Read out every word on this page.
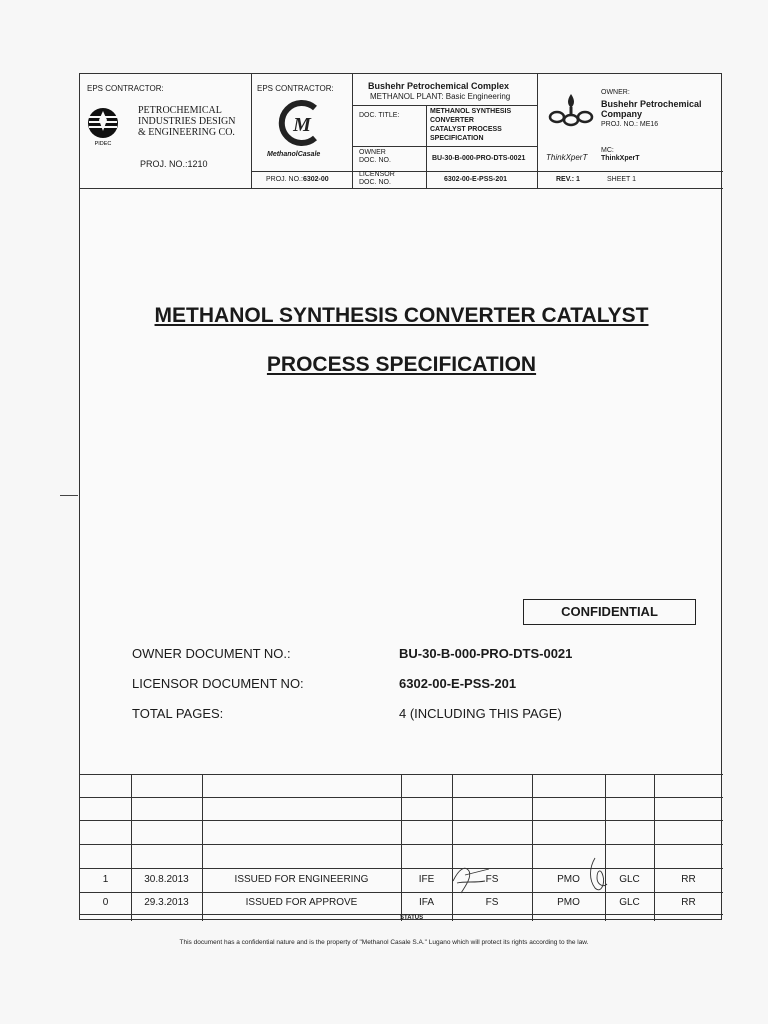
EPS CONTRACTOR:
PIDEC
PETROCHEMICAL
INDUSTRIES DESIGN
& ENGINEERING CO.
PROJ. NO.:1210
EPS CONTRACTOR:
M
MethanolCasale
PROJ. NO.:6302-00
Bushehr Petrochemical Complex
METHANOL PLANT: Basic Engineering
DOC. TITLE:
METHANOL SYNTHESIS
CONVERTER
CATALYST PROCESS
SPECIFICATION
OWNER
DOC. NO.	BU-30-B-000-PRO-DTS-0021
LICENSOR
DOC. NO.	6302-00-E-PSS-201
ThinkXperT
REV.: 1	SHEET 1
OWNER:
Bushehr Petrochemical
Company
PROJ. NO.: ME16
MC:
ThinkXperT
METHANOL SYNTHESIS CONVERTER CATALYST
PROCESS SPECIFICATION
CONFIDENTIAL
OWNER DOCUMENT NO.:	BU-30-B-000-PRO-DTS-0021
LICENSOR DOCUMENT NO:	6302-00-E-PSS-201
TOTAL PAGES:	4 (INCLUDING THIS PAGE)
1	30.8.2013	ISSUED FOR ENGINEERING	IFE	FS	PMO	GLC	RR
0	29.3.2013	ISSUED FOR APPROVE	IFA	FS	PMO	GLC	RR
STATUS
This document has a confidential nature and is the property of "Methanol Casale S.A." Lugano which will protect its rights according to the law.
